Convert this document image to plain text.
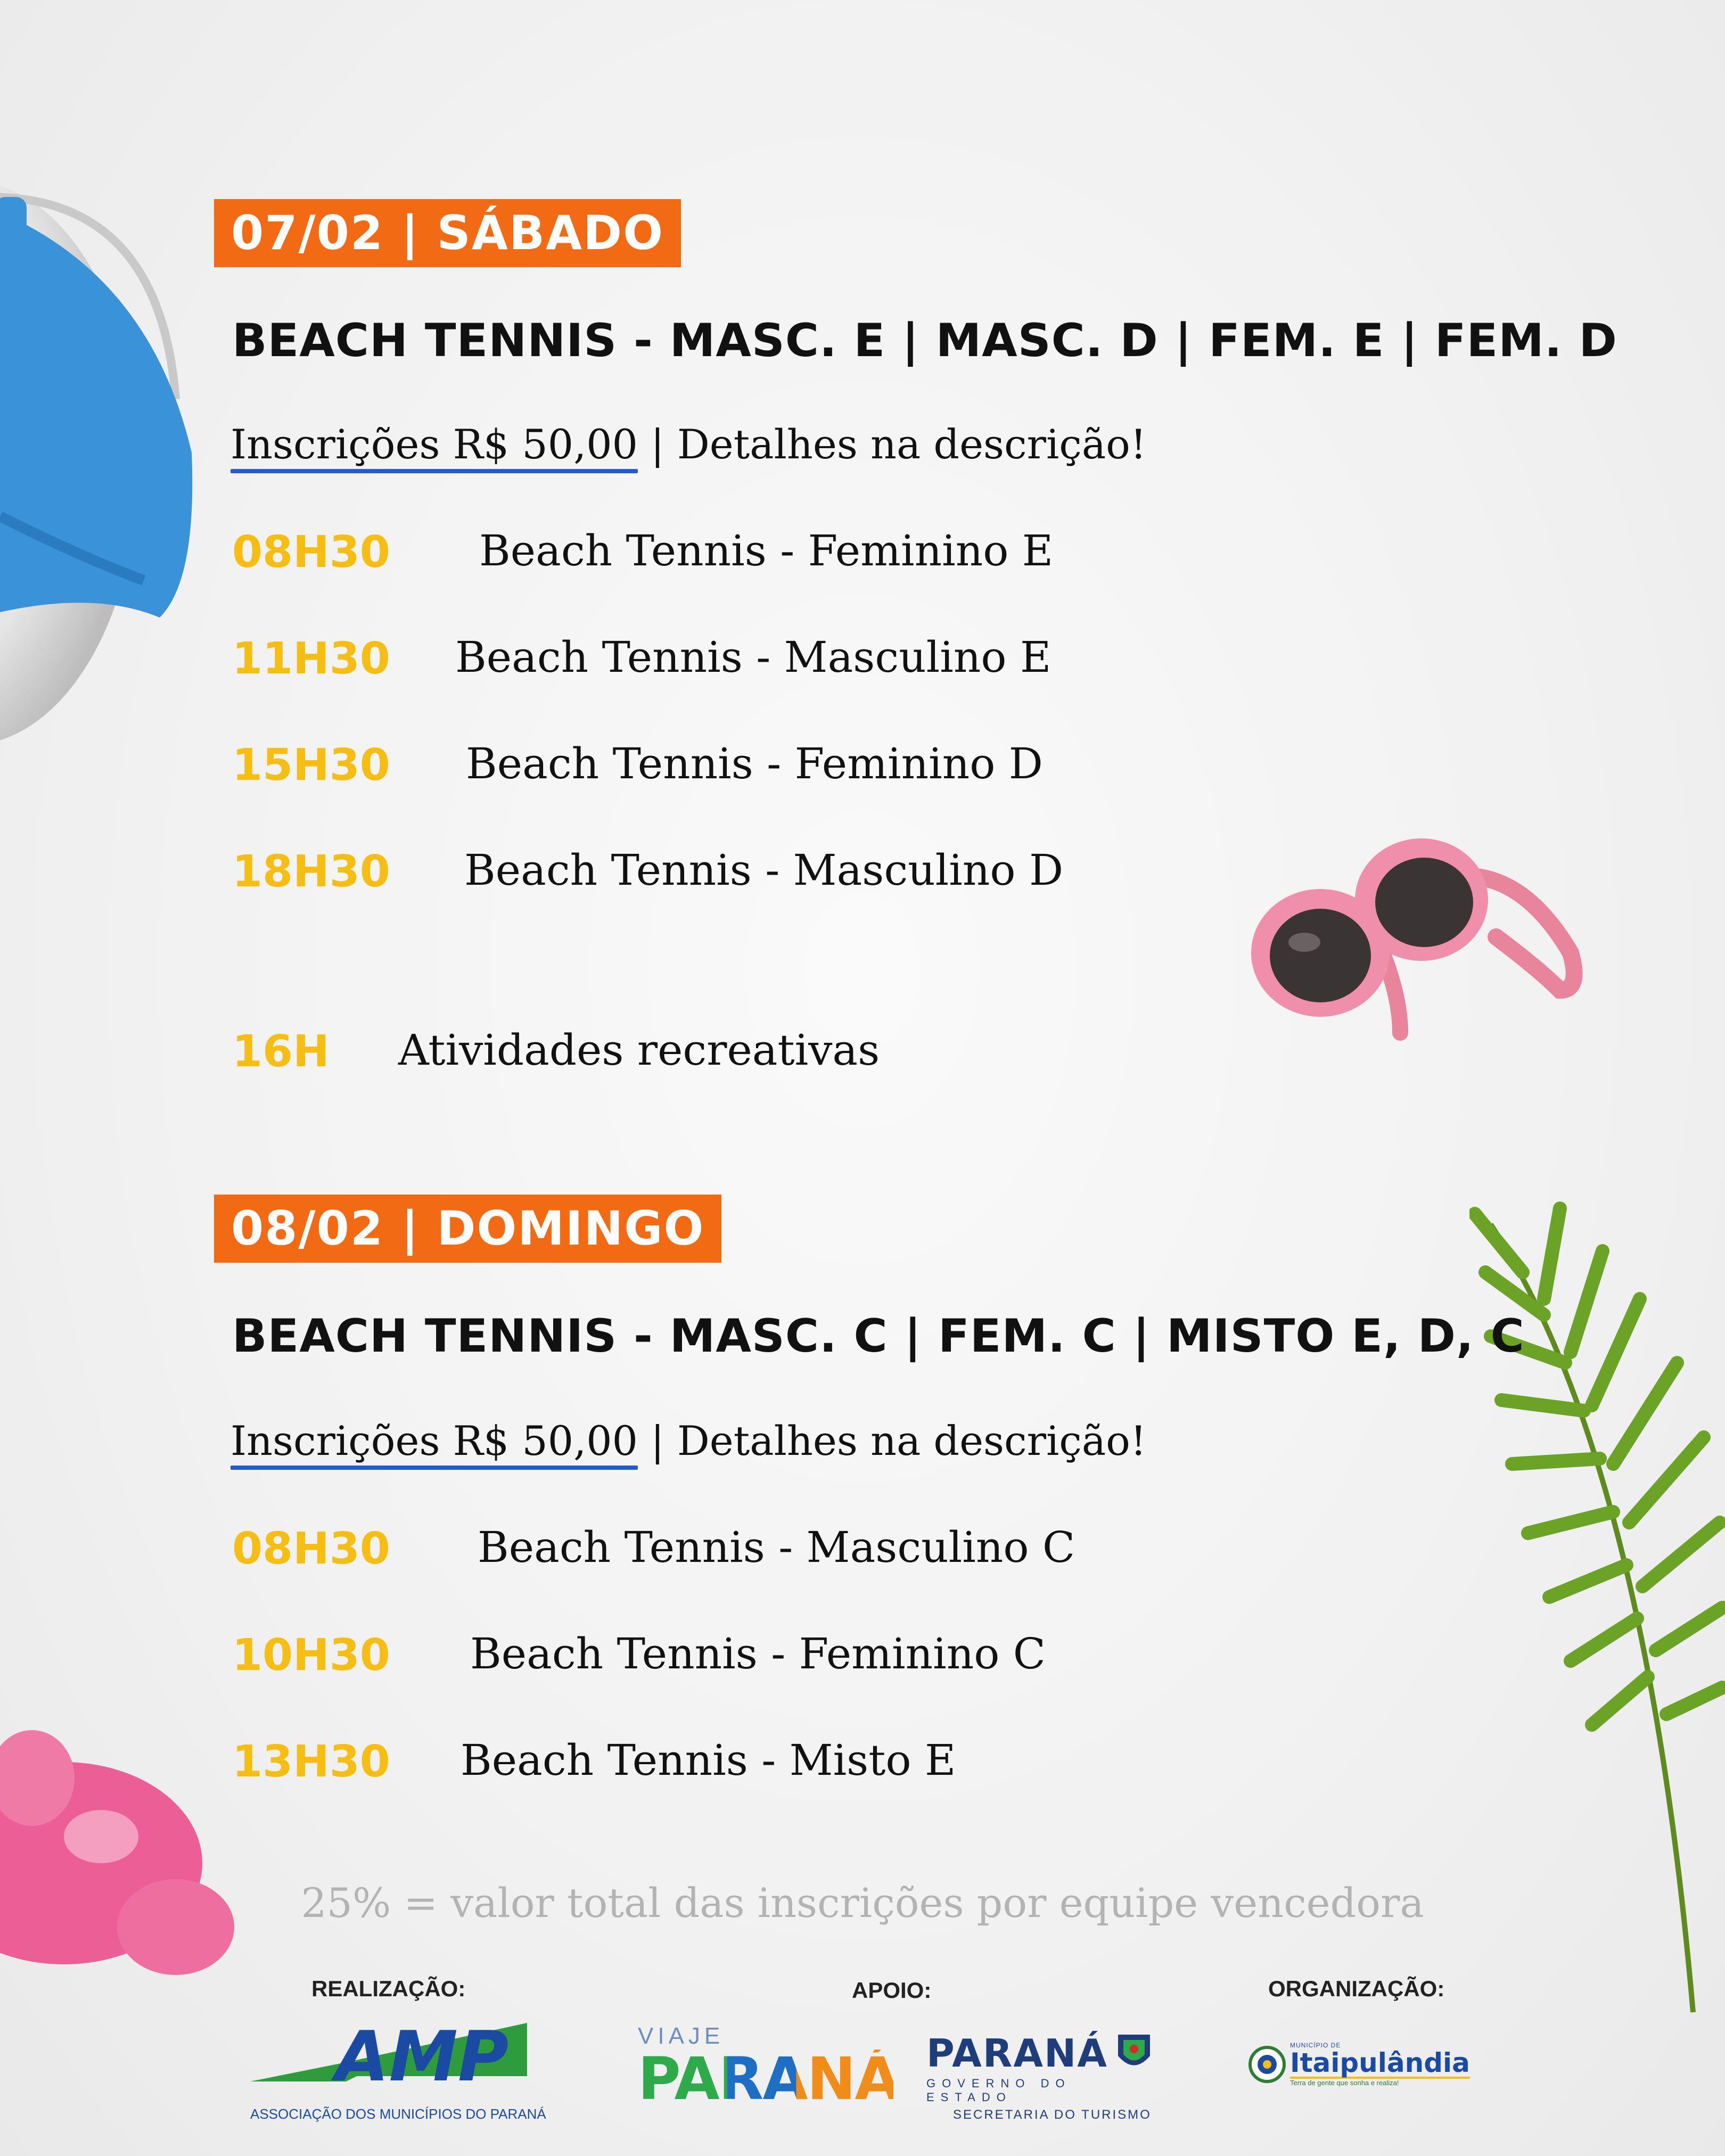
07/02 | SÁBADO
BEACH TENNIS - MASC. E | MASC. D | FEM. E | FEM. D
Inscrições R$ 50,00 | Detalhes na descrição!
08H30 Beach Tennis - Feminino E
11H30 Beach Tennis - Masculino E
15H30 Beach Tennis - Feminino D
18H30 Beach Tennis - Masculino D
16H Atividades recreativas
08/02 | DOMINGO
BEACH TENNIS - MASC. C | FEM. C | MISTO E, D, C
Inscrições R$ 50,00 | Detalhes na descrição!
08H30 Beach Tennis - Masculino C
10H30 Beach Tennis - Feminino C
13H30 Beach Tennis - Misto E
25% = valor total das inscrições por equipe vencedora
REALIZAÇÃO:	APOIO:	ORGANIZAÇÃO:
AMP
ASSOCIAÇÃO DOS MUNICÍPIOS DO PARANÁ
VIAJE
PARANÁ PARANÁ
GOVERNO DO ESTADO
SECRETARIA DO TURISMO
MUNICÍPIO DE
Itaipulândia
Terra de gente que sonha e realiza!
